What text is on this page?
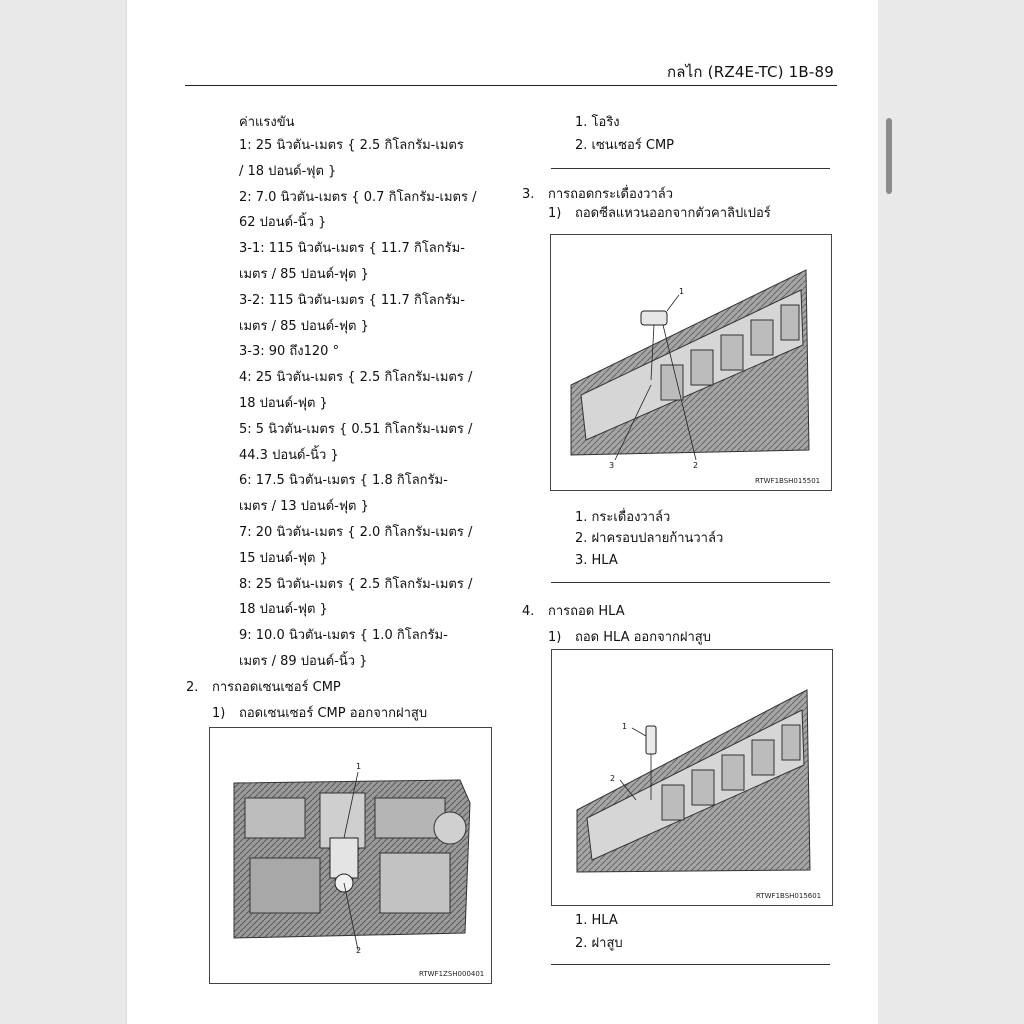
กลไก (RZ4E-TC) 1B-89
ค่าแรงขัน
1: 25 นิวตัน-เมตร { 2.5 กิโลกรัม-เมตร
/ 18 ปอนด์-ฟุต }
2: 7.0 นิวตัน-เมตร { 0.7 กิโลกรัม-เมตร /
62 ปอนด์-นิ้ว }
3-1: 115 นิวตัน-เมตร { 11.7 กิโลกรัม-
เมตร / 85 ปอนด์-ฟุต }
3-2: 115 นิวตัน-เมตร { 11.7 กิโลกรัม-
เมตร / 85 ปอนด์-ฟุต }
3-3: 90 ถึง120 °
4: 25 นิวตัน-เมตร { 2.5 กิโลกรัม-เมตร /
18 ปอนด์-ฟุต }
5: 5 นิวตัน-เมตร { 0.51 กิโลกรัม-เมตร /
44.3 ปอนด์-นิ้ว }
6: 17.5 นิวตัน-เมตร { 1.8 กิโลกรัม-
เมตร / 13 ปอนด์-ฟุต }
7: 20 นิวตัน-เมตร { 2.0 กิโลกรัม-เมตร /
15 ปอนด์-ฟุต }
8: 25 นิวตัน-เมตร { 2.5 กิโลกรัม-เมตร /
18 ปอนด์-ฟุต }
9: 10.0 นิวตัน-เมตร { 1.0 กิโลกรัม-
เมตร / 89 ปอนด์-นิ้ว }
2. การถอดเซนเซอร์ CMP
1) ถอดเซนเซอร์ CMP ออกจากฝาสูบ
1
2
RTWF1ZSH000401
1. โอริง
2. เซนเซอร์ CMP
3. การถอดกระเดื่องวาล์ว
1) ถอดซีลแหวนออกจากตัวคาลิปเปอร์
1
2
3
RTWF1BSH015501
1. กระเดื่องวาล์ว
2. ฝาครอบปลายก้านวาล์ว
3. HLA
4. การถอด HLA
1) ถอด HLA ออกจากฝาสูบ
1
2
RTWF1BSH015601
1. HLA
2. ฝาสูบ
